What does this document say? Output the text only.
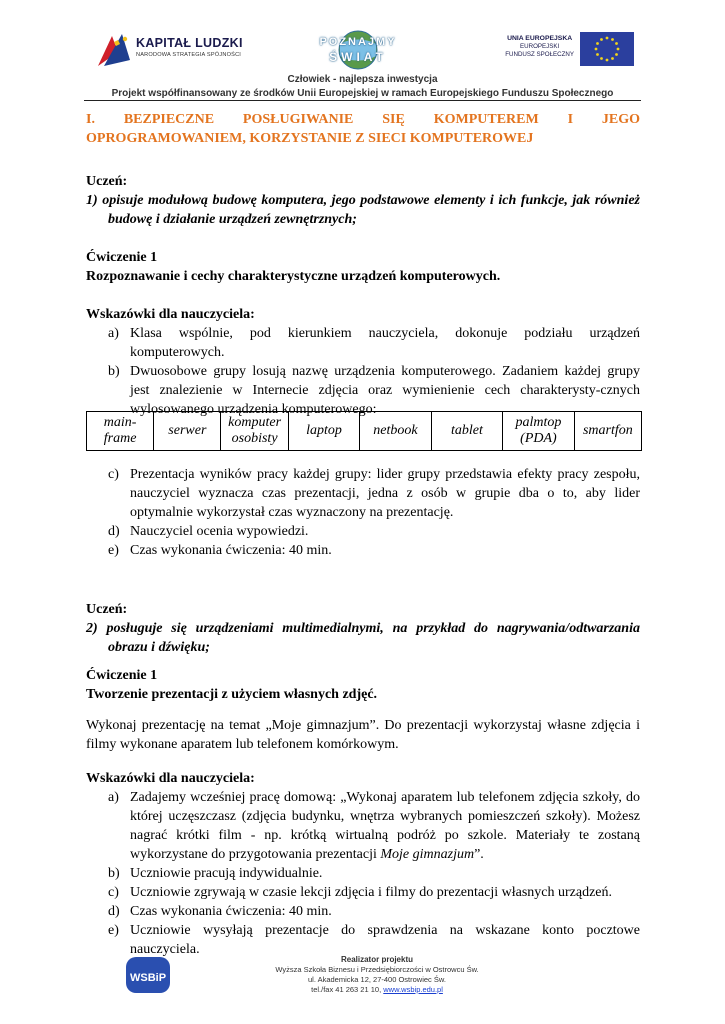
KAPITAŁ LUDZKI
NARODOWA STRATEGIA SPÓJNOŚCI
POZNAJMY
ŚWIAT
UNIA EUROPEJSKA
EUROPEJSKI
FUNDUSZ SPOŁECZNY
Człowiek - najlepsza inwestycja
Projekt współfinansowany ze środków Unii Europejskiej w ramach Europejskiego Funduszu Społecznego
I. BEZPIECZNE POSŁUGIWANIE SIĘ KOMPUTEREM I JEGO
OPROGRAMOWANIEM, KORZYSTANIE Z SIECI KOMPUTEROWEJ
Uczeń:
1) opisuje modułową budowę komputera, jego podstawowe elementy i ich funkcje, jak również budowę i działanie urządzeń zewnętrznych;
Ćwiczenie 1
Rozpoznawanie i cechy charakterystyczne urządzeń komputerowych.
Wskazówki dla nauczyciela:
a) Klasa wspólnie, pod kierunkiem nauczyciela, dokonuje podziału urządzeń komputerowych.
b) Dwuosobowe grupy losują nazwę urządzenia komputerowego. Zadaniem każdej grupy jest znalezienie w Internecie zdjęcia oraz wymienienie cech charakterysty-cznych wylosowanego urządzenia komputerowego:
main-frame	serwer	komputer osobisty	laptop	netbook	tablet	palmtop (PDA)	smartfon
c) Prezentacja wyników pracy każdej grupy: lider grupy przedstawia efekty pracy zespołu, nauczyciel wyznacza czas prezentacji, jedna z osób w grupie dba o to, aby lider optymalnie wykorzystał czas wyznaczony na prezentację.
d) Nauczyciel ocenia wypowiedzi.
e) Czas wykonania ćwiczenia: 40 min.
Uczeń:
2) posługuje się urządzeniami multimedialnymi, na przykład do nagrywania/odtwarzania obrazu i dźwięku;
Ćwiczenie 1
Tworzenie prezentacji z użyciem własnych zdjęć.
Wykonaj prezentację na temat „Moje gimnazjum”. Do prezentacji wykorzystaj własne zdjęcia i filmy wykonane aparatem lub telefonem komórkowym.
Wskazówki dla nauczyciela:
a) Zadajemy wcześniej pracę domową: „Wykonaj aparatem lub telefonem zdjęcia szkoły, do której uczęszczasz (zdjęcia budynku, wnętrza wybranych pomieszczeń szkoły). Możesz nagrać krótki film - np. krótką wirtualną podróż po szkole. Materiały te zostaną wykorzystane do przygotowania prezentacji Moje gimnazjum”.
b) Uczniowie pracują indywidualnie.
c) Uczniowie zgrywają w czasie lekcji zdjęcia i filmy do prezentacji własnych urządzeń.
d) Czas wykonania ćwiczenia: 40 min.
e) Uczniowie wysyłają prezentacje do sprawdzenia na wskazane konto pocztowe nauczyciela.
WSBiP
Realizator projektu
Wyższa Szkoła Biznesu i Przedsiębiorczości w Ostrowcu Św.
ul. Akademicka 12, 27-400 Ostrowiec Św.
tel./fax 41 263 21 10, www.wsbip.edu.pl
